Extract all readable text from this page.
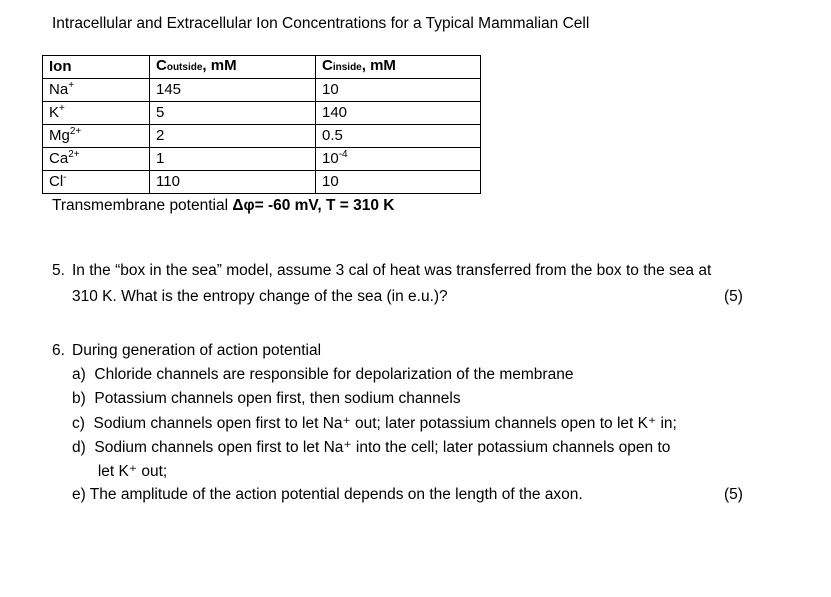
Intracellular and Extracellular Ion Concentrations for a Typical Mammalian Cell
Ion	Coutside, mM	Cinside, mM
Na+	145	10
K+	5	140
$Mg^{2+}$	2	0.5
$Ca^{2+}$	1	$10^{-4}$
Cl-	110	10
Transmembrane potential Δφ= -60 mV, T = 310 K
5. In the “box in the sea” model, assume 3 cal of heat was transferred from the box to the sea at
310 K. What is the entropy change of the sea (in e.u.)?	(5)
6. During generation of action potential
a)  Chloride channels are responsible for depolarization of the membrane
b)  Potassium channels open first, then sodium channels
c)  Sodium channels open first to let Na⁺ out; later potassium channels open to let K⁺ in;
d)  Sodium channels open first to let Na⁺ into the cell; later potassium channels open to
let K⁺ out;
e) The amplitude of the action potential depends on the length of the axon.	(5)
